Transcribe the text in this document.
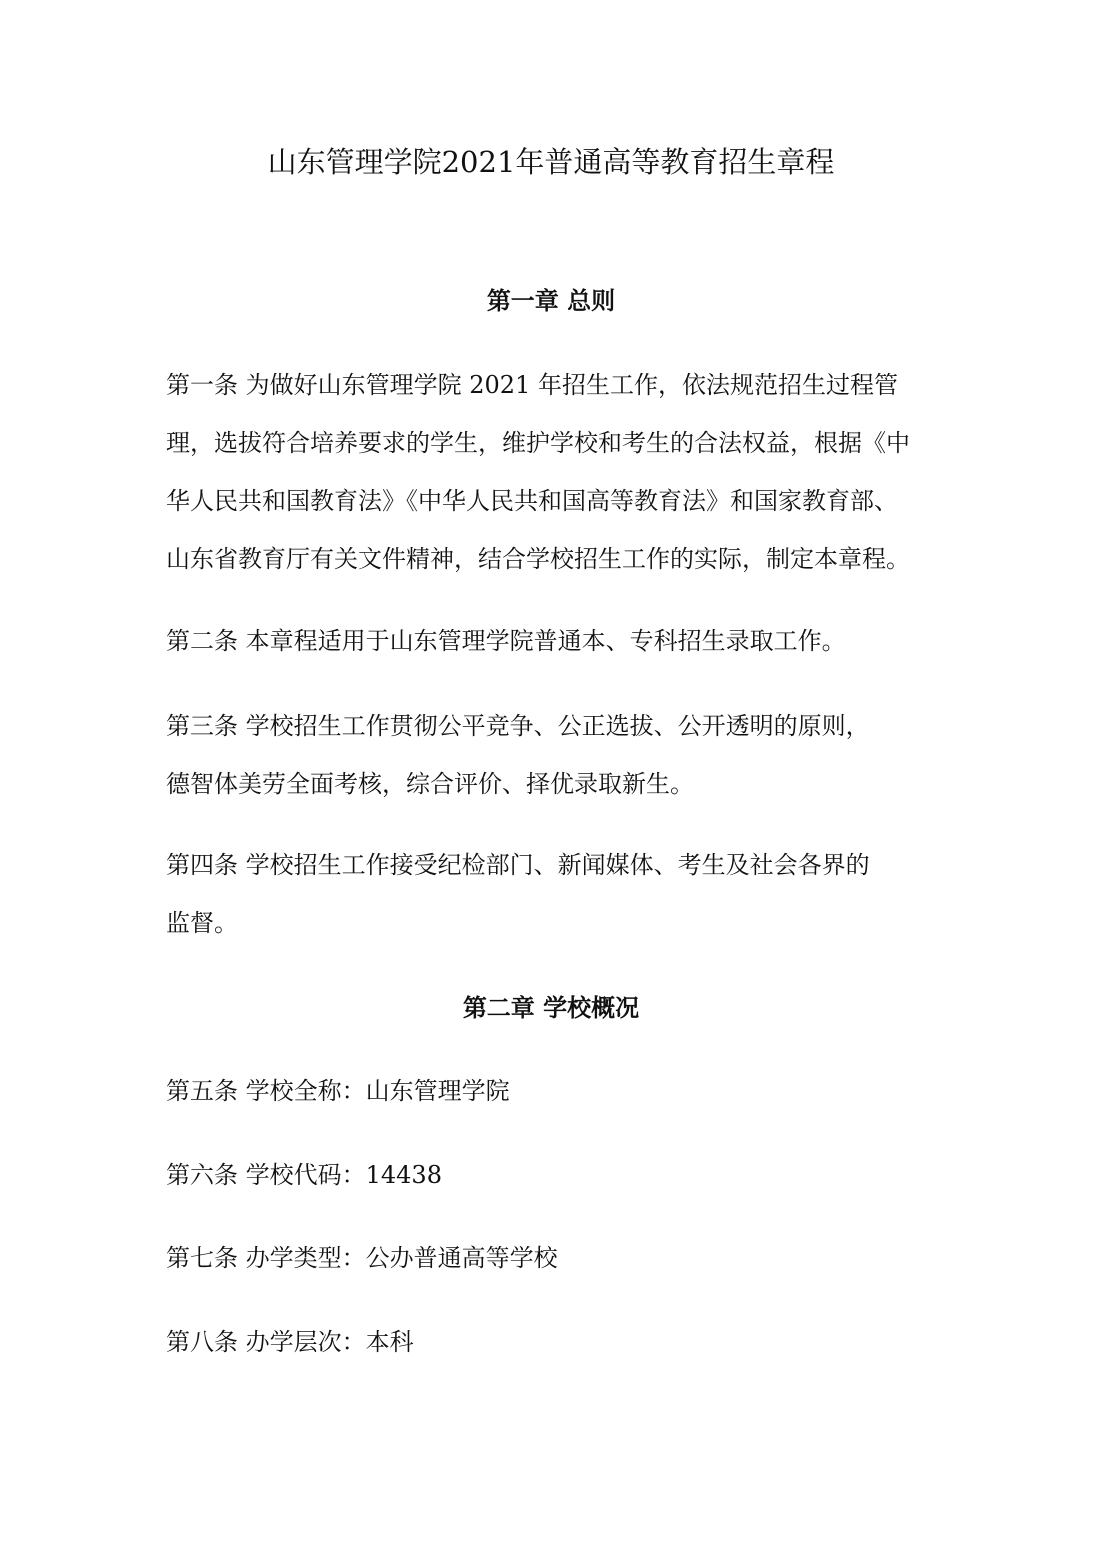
山东管理学院2021年普通高等教育招生章程
第一章 总则

第一条 为做好山东管理学院 2021 年招生工作，依法规范招生过程管
理，选拔符合培养要求的学生，维护学校和考生的合法权益，根据《中
华人民共和国教育法》《中华人民共和国高等教育法》和国家教育部、
山东省教育厅有关文件精神，结合学校招生工作的实际，制定本章程。

第二条 本章程适用于山东管理学院普通本、专科招生录取工作。

第三条 学校招生工作贯彻公平竞争、公正选拔、公开透明的原则，
德智体美劳全面考核，综合评价、择优录取新生。

第四条 学校招生工作接受纪检部门、新闻媒体、考生及社会各界的
监督。

第二章 学校概况

第五条 学校全称：山东管理学院

第六条 学校代码：14438

第七条 办学类型：公办普通高等学校

第八条 办学层次：本科
